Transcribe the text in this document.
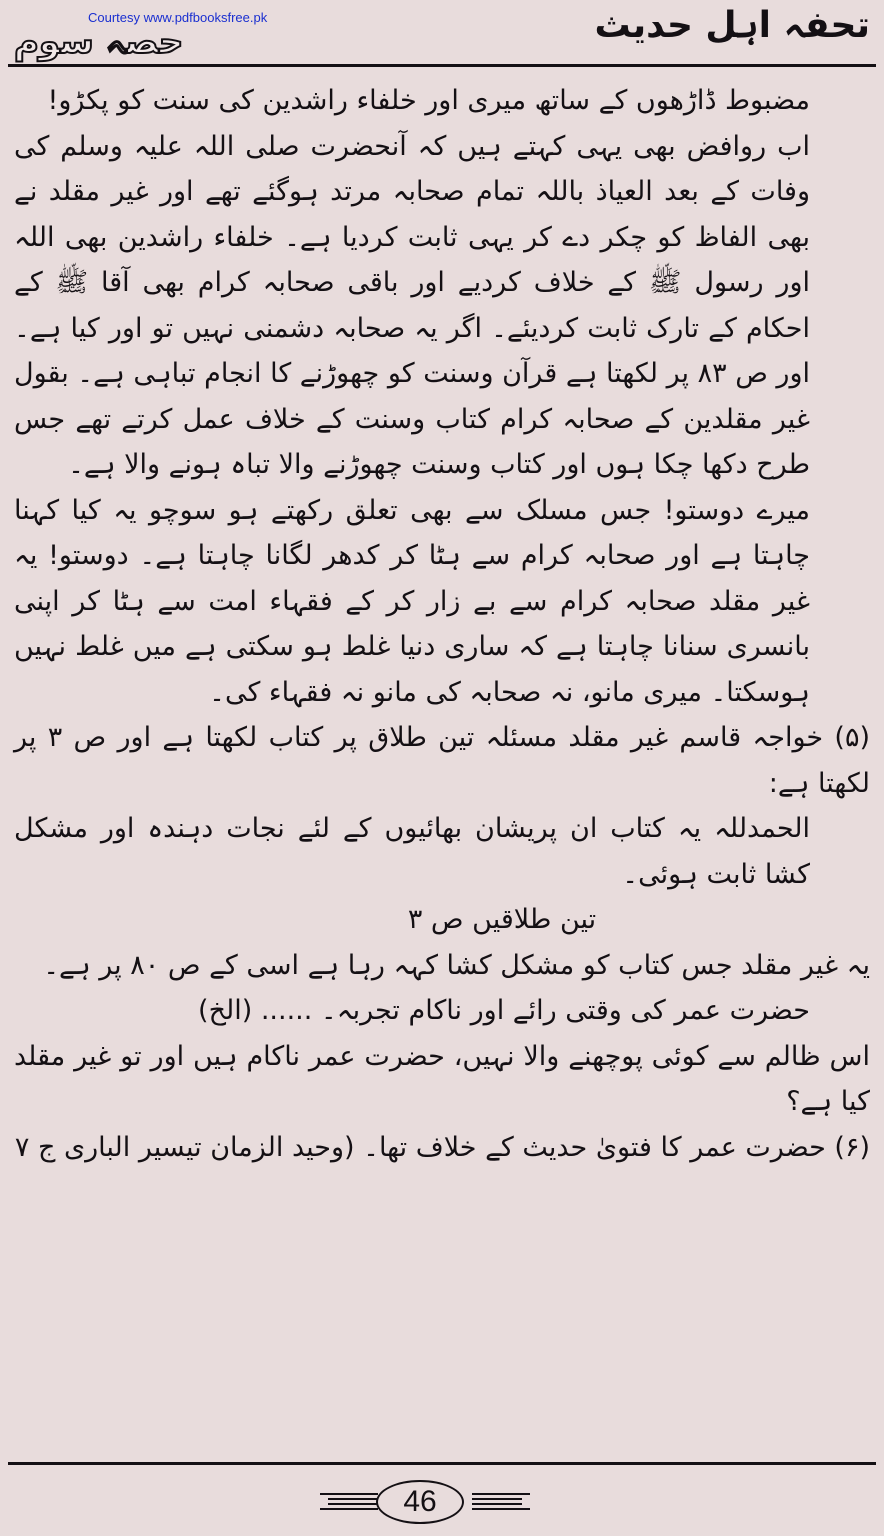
Courtesy www.pdfbooksfree.pk	تحفہ اہل حدیث
حصہ سوم

مضبوط ڈاڑھوں کے ساتھ میری اور خلفاء راشدین کی سنت کو پکڑو!

اب روافض بھی یہی کہتے ہیں کہ آنحضرت صلی اللہ علیہ وسلم کی وفات کے بعد العیاذ باللہ تمام صحابہ مرتد ہوگئے تھے اور غیر مقلد نے بھی الفاظ کو چکر دے کر یہی ثابت کردیا ہے۔ خلفاء راشدین بھی اللہ اور رسول ﷺ کے خلاف کردیے اور باقی صحابہ کرام بھی آقا ﷺ کے احکام کے تارک ثابت کردیئے۔ اگر یہ صحابہ دشمنی نہیں تو اور کیا ہے۔ اور ص ۸۳ پر لکھتا ہے قرآن وسنت کو چھوڑنے کا انجام تباہی ہے۔ بقول غیر مقلدین کے صحابہ کرام کتاب وسنت کے خلاف عمل کرتے تھے جس طرح دکھا چکا ہوں اور کتاب وسنت چھوڑنے والا تباہ ہونے والا ہے۔

میرے دوستو! جس مسلک سے بھی تعلق رکھتے ہو سوچو یہ کیا کہنا چاہتا ہے اور صحابہ کرام سے ہٹا کر کدھر لگانا چاہتا ہے۔ دوستو! یہ غیر مقلد صحابہ کرام سے بے زار کر کے فقہاء امت سے ہٹا کر اپنی بانسری سنانا چاہتا ہے کہ ساری دنیا غلط ہو سکتی ہے میں غلط نہیں ہوسکتا۔ میری مانو، نہ صحابہ کی مانو نہ فقہاء کی۔

(۵) خواجہ قاسم غیر مقلد مسئلہ تین طلاق پر کتاب لکھتا ہے اور ص ۳ پر لکھتا ہے:

الحمدللہ یہ کتاب ان پریشان بھائیوں کے لئے نجات دہندہ اور مشکل کشا ثابت ہوئی۔

تین طلاقیں ص ۳

یہ غیر مقلد جس کتاب کو مشکل کشا کہہ رہا ہے اسی کے ص ۸۰ پر ہے۔

حضرت عمر کی وقتی رائے اور ناکام تجربہ۔ ...... (الخ)

اس ظالم سے کوئی پوچھنے والا نہیں، حضرت عمر ناکام ہیں اور تو غیر مقلد کیا ہے؟

(۶) حضرت عمر کا فتویٰ حدیث کے خلاف تھا۔ (وحید الزمان تیسیر الباری ج ۷

46
